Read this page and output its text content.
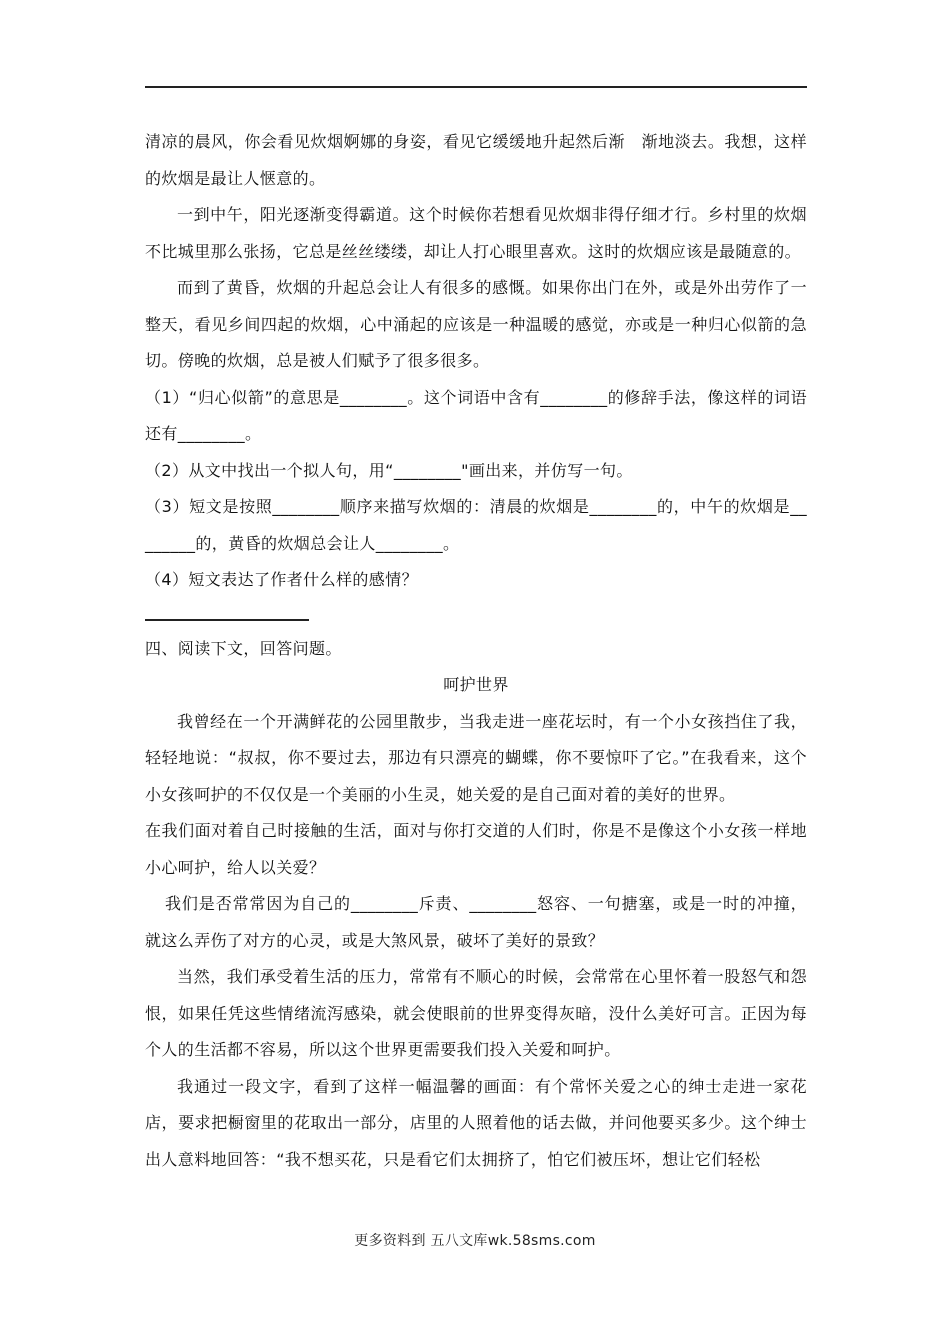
清凉的晨风，你会看见炊烟婀娜的身姿，看见它缓缓地升起然后渐　渐地淡去。我想，这样的炊烟是最让人惬意的。

一到中午，阳光逐渐变得霸道。这个时候你若想看见炊烟非得仔细才行。乡村里的炊烟不比城里那么张扬，它总是丝丝缕缕，却让人打心眼里喜欢。这时的炊烟应该是最随意的。

而到了黄昏，炊烟的升起总会让人有很多的感慨。如果你出门在外，或是外出劳作了一整天，看见乡间四起的炊烟，心中涌起的应该是一种温暖的感觉，亦或是一种归心似箭的急切。傍晚的炊烟，总是被人们赋予了很多很多。

（1）“归心似箭”的意思是________。这个词语中含有________的修辞手法，像这样的词语还有________。

（2）从文中找出一个拟人句，用“________"画出来，并仿写一句。

（3）短文是按照________顺序来描写炊烟的：清晨的炊烟是________的，中午的炊烟是________的，黄昏的炊烟总会让人________。

（4）短文表达了作者什么样的感情？

四、阅读下文，回答问题。

呵护世界

我曾经在一个开满鲜花的公园里散步，当我走进一座花坛时，有一个小女孩挡住了我，轻轻地说：“叔叔，你不要过去，那边有只漂亮的蝴蝶，你不要惊吓了它。”在我看来，这个小女孩呵护的不仅仅是一个美丽的小生灵，她关爱的是自己面对着的美好的世界。

在我们面对着自己时接触的生活，面对与你打交道的人们时，你是不是像这个小女孩一样地小心呵护，给人以关爱？

我们是否常常因为自己的________斥责、________怒容、一句搪塞，或是一时的冲撞，就这么弄伤了对方的心灵，或是大煞风景，破坏了美好的景致？

当然，我们承受着生活的压力，常常有不顺心的时候，会常常在心里怀着一股怒气和怨恨，如果任凭这些情绪流泻感染，就会使眼前的世界变得灰暗，没什么美好可言。正因为每个人的生活都不容易，所以这个世界更需要我们投入关爱和呵护。

我通过一段文字，看到了这样一幅温馨的画面：有个常怀关爱之心的绅士走进一家花店，要求把橱窗里的花取出一部分，店里的人照着他的话去做，并问他要买多少。这个绅士出人意料地回答：“我不想买花，只是看它们太拥挤了，怕它们被压坏，想让它们轻松

更多资料到 五八文库wk.58sms.com
